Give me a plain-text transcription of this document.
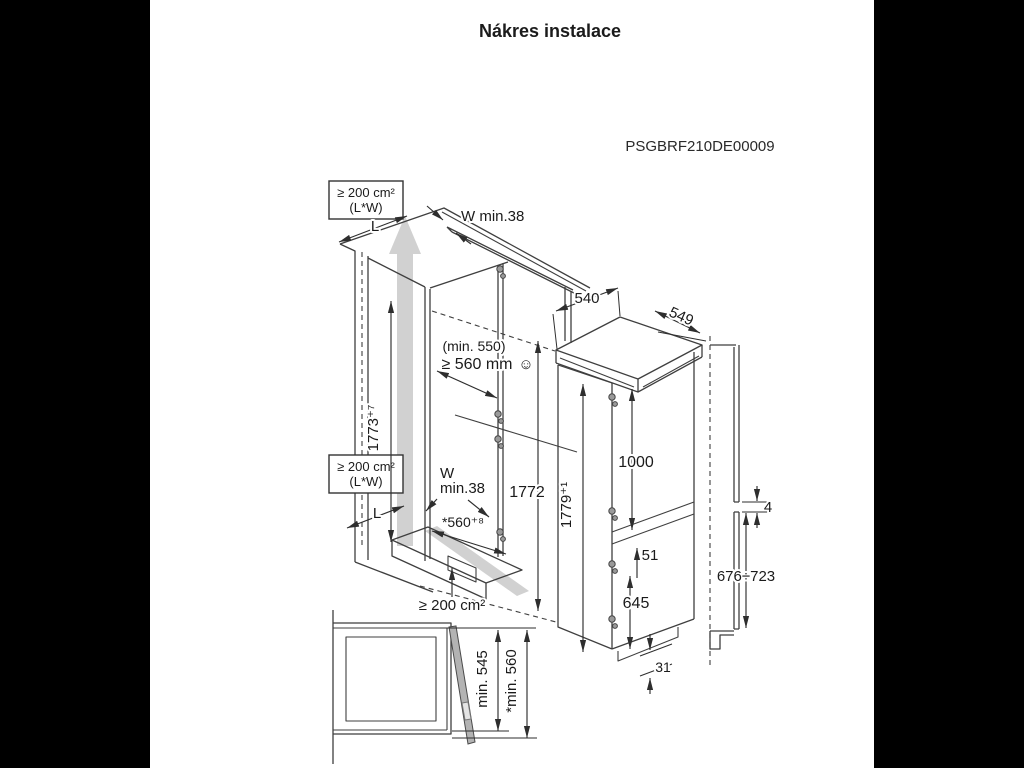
Nákres instalace
PSGBRF210DE00009
≥ 200 cm²
(L*W)
≥ 200 cm²
(L*W)
L
W min.38
1773⁺⁷
(min. 550)
≥ 560 mm ☺
1772
W
min.38
L	*560⁺⁸
≥ 200 cm²
540
549
1779⁺¹
1000
51
645
31
4
676÷723
min. 545 *min. 560
